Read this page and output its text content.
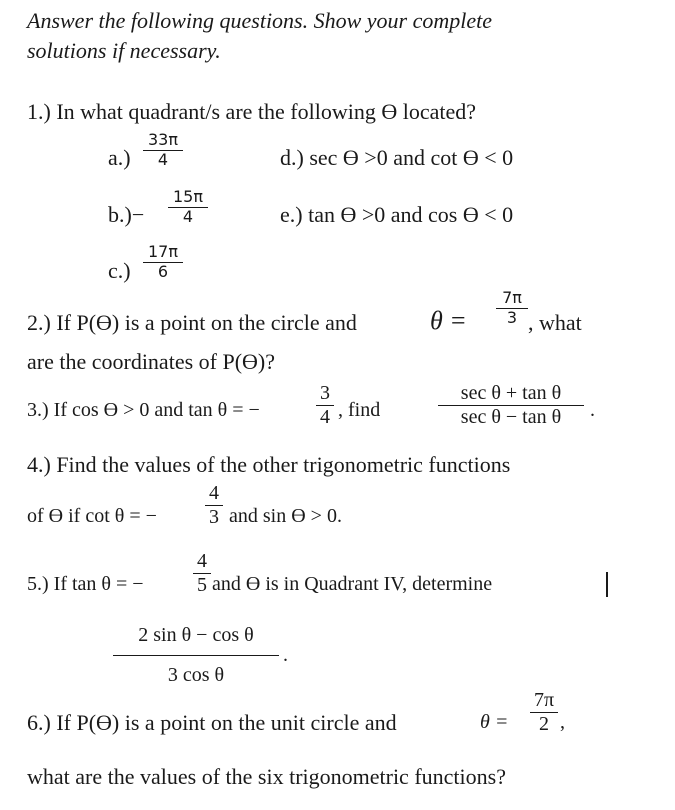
Answer the following questions. Show your complete
solutions if necessary.
1.) In what quadrant/s are the following ϴ located?
a.)
33π
4	d.) sec ϴ >0 and cot ϴ < 0
b.)−
15π
4	e.) tan ϴ >0 and cos ϴ < 0
c.)
17π
6
2.) If P(ϴ) is a point on the circle and	θ =
7π
3 , what
are the coordinates of P(ϴ)?
3.) If cos ϴ > 0 and tan θ = −
3
4 , find
sec θ + tan θ
sec θ − tan θ	.
4.) Find the values of the other trigonometric functions
of ϴ if cot θ = −
4
3 and sin ϴ > 0.
5.) If tan θ = −
4
5 and ϴ is in Quadrant IV, determine
2 sin θ − cos θ
3 cos θ
.
6.) If P(ϴ) is a point on the unit circle and	θ =
7π
2 ,
what are the values of the six trigonometric functions?
